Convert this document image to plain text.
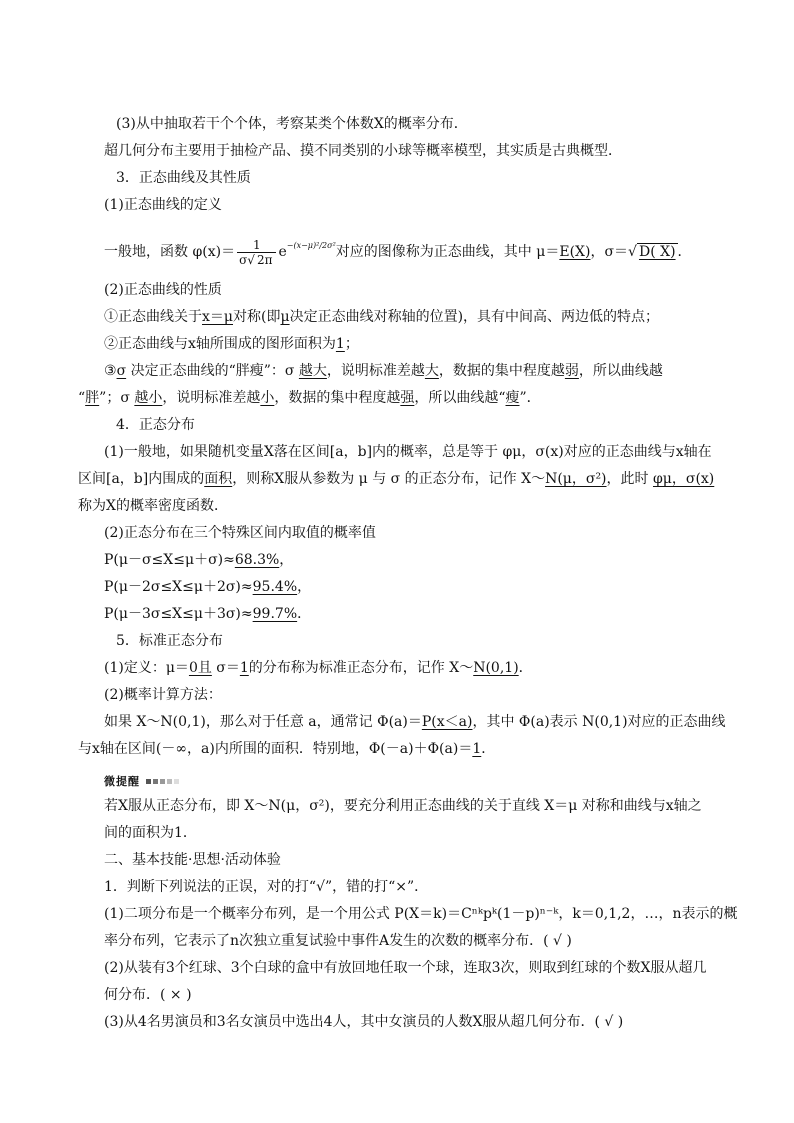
(3)从中抽取若干个个体，考察某类个体数X的概率分布．
超几何分布主要用于抽检产品、摸不同类别的小球等概率模型，其实质是古典概型．
3．正态曲线及其性质
(1)正态曲线的定义
一般地，函数 $\varphi(x)= \frac{1}{\sigma√ 2\pi} e^{-(x-\mu)^2/2\sigma^2}$对应的图像称为正态曲线，其中 μ＝E(X)，σ＝√ D( X) ．
(2)正态曲线的性质
①正态曲线关于x＝μ对称(即μ决定正态曲线对称轴的位置)，具有中间高、两边低的特点；
②正态曲线与x轴所围成的图形面积为1；
③σ 决定正态曲线的“胖瘦”：σ 越大，说明标准差越大，数据的集中程度越弱，所以曲线越
“胖”；σ 越小，说明标准差越小，数据的集中程度越强，所以曲线越“瘦”．
4．正态分布
(1)一般地，如果随机变量X落在区间[a，b]内的概率，总是等于 φμ，σ(x)对应的正态曲线与x轴在
区间[a，b]内围成的面积，则称X服从参数为 μ 与 σ 的正态分布，记作 X～N(μ，σ²)，此时 φμ，σ(x)
称为X的概率密度函数．
(2)正态分布在三个特殊区间内取值的概率值
P(μ－σ≤X≤μ＋σ)≈68.3%，
P(μ－2σ≤X≤μ＋2σ)≈95.4%，
P(μ－3σ≤X≤μ＋3σ)≈99.7%．
5．标准正态分布
(1)定义：μ＝0且 σ＝1的分布称为标准正态分布，记作 X～N(0,1)．
(2)概率计算方法：
如果 X～N(0,1)，那么对于任意 a，通常记 Φ(a)＝P(x＜a)，其中 Φ(a)表示 N(0,1)对应的正态曲线
与x轴在区间(－∞，a)内所围的面积．特别地，Φ(－a)＋Φ(a)＝1．
微提醒
若X服从正态分布，即 X～N(μ，σ²)，要充分利用正态曲线的关于直线 X＝μ 对称和曲线与x轴之
间的面积为1．
二、基本技能·思想·活动体验
1．判断下列说法的正误，对的打“√”，错的打“×”．
(1)二项分布是一个概率分布列，是一个用公式 P(X＝k)＝Cⁿᵏpᵏ(1－p)ⁿ⁻ᵏ，k＝0,1,2，…，n表示的概
率分布列，它表示了n次独立重复试验中事件A发生的次数的概率分布．( √ )
(2)从装有3个红球、3个白球的盒中有放回地任取一个球，连取3次，则取到红球的个数X服从超几
何分布．( × )
(3)从4名男演员和3名女演员中选出4人，其中女演员的人数X服从超几何分布．( √ )
